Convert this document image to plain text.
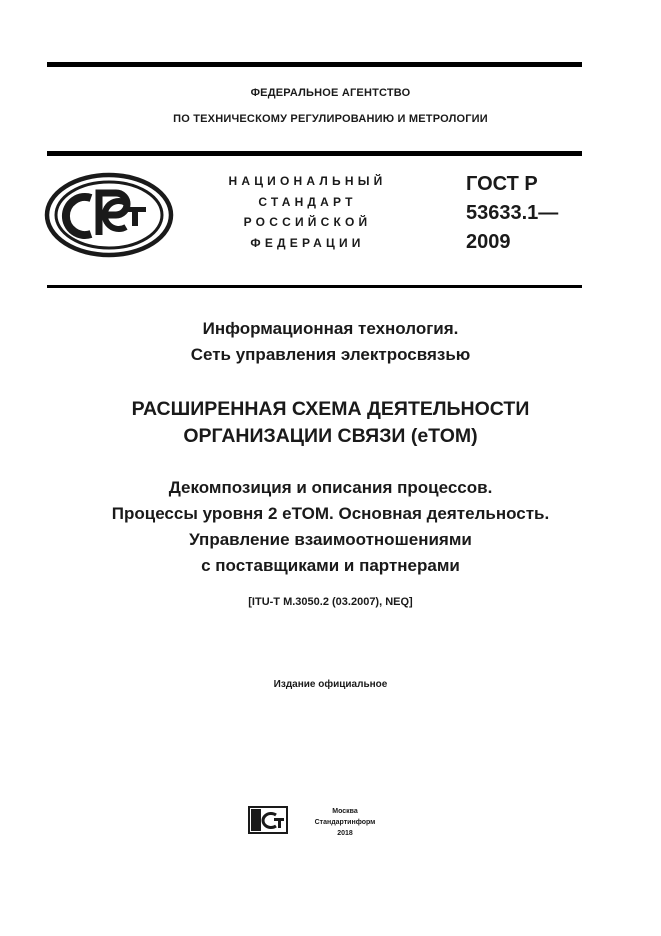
ФЕДЕРАЛЬНОЕ АГЕНТСТВО
ПО ТЕХНИЧЕСКОМУ РЕГУЛИРОВАНИЮ И МЕТРОЛОГИИ
НАЦИОНАЛЬНЫЙ
СТАНДАРТ
РОССИЙСКОЙ
ФЕДЕРАЦИИ
ГОСТ Р
53633.1—
2009
Информационная технология.
Сеть управления электросвязью
РАСШИРЕННАЯ СХЕМА ДЕЯТЕЛЬНОСТИ
ОРГАНИЗАЦИИ СВЯЗИ (eTOM)
Декомпозиция и описания процессов.
Процессы уровня 2 eTOM. Основная деятельность.
Управление взаимоотношениями
с поставщиками и партнерами
[ITU-T M.3050.2 (03.2007), NEQ]
Издание официальное
Москва
Стандартинформ
2018
